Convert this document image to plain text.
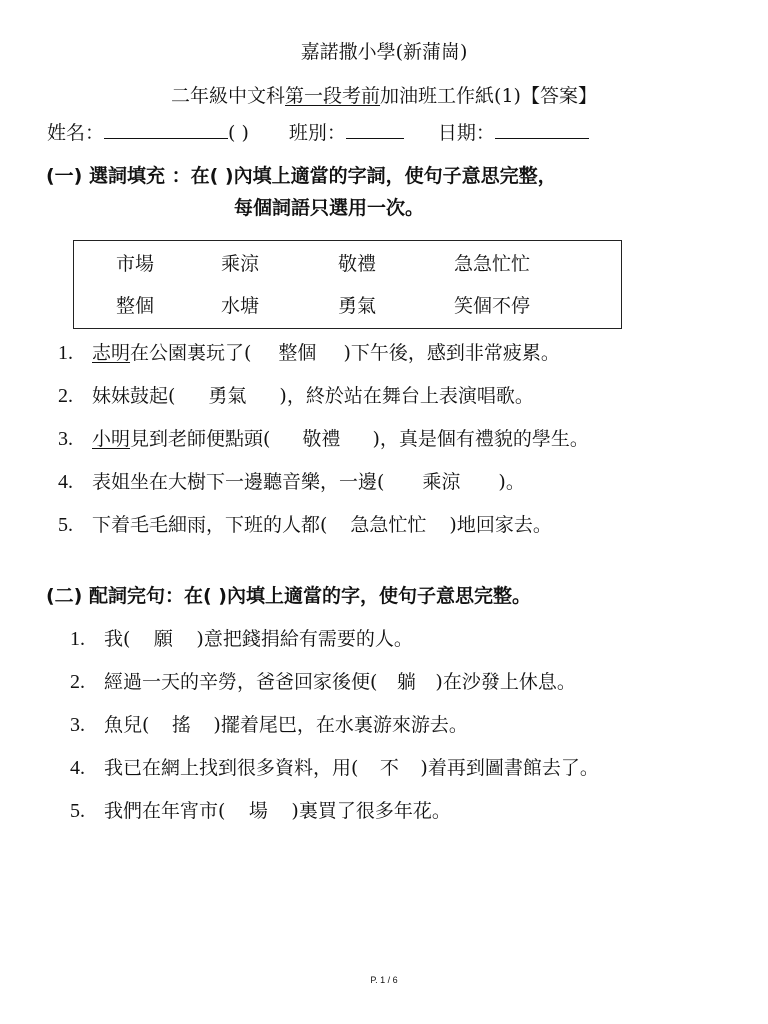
嘉諾撒小學(新蒲崗)
二年級中文科第一段考前加油班工作紙(1)【答案】
姓名：	( ) 班別：	日期：
(一) 選詞填充 ：在( )內填上適當的字詞，使句子意思完整，
每個詞語只選用一次。
市場	乘涼	敬禮	急急忙忙
整個	水塘	勇氣	笑個不停
1. 志明在公園裏玩了( 整個 )下午後，感到非常疲累。
2. 妹妹鼓起( 勇氣 )，終於站在舞台上表演唱歌。
3. 小明見到老師便點頭( 敬禮 )，真是個有禮貌的學生。
4. 表姐坐在大樹下一邊聽音樂，一邊( 乘涼 )。
5. 下着毛毛細雨，下班的人都( 急急忙忙 )地回家去。
(二) 配詞完句：在( )內填上適當的字，使句子意思完整。
1. 我( 願 )意把錢捐給有需要的人。
2. 經過一天的辛勞，爸爸回家後便( 躺 )在沙發上休息。
3. 魚兒( 搖 )擺着尾巴，在水裏游來游去。
4. 我已在網上找到很多資料，用( 不 )着再到圖書館去了。
5. 我們在年宵市( 場 )裏買了很多年花。
P. 1 / 6
